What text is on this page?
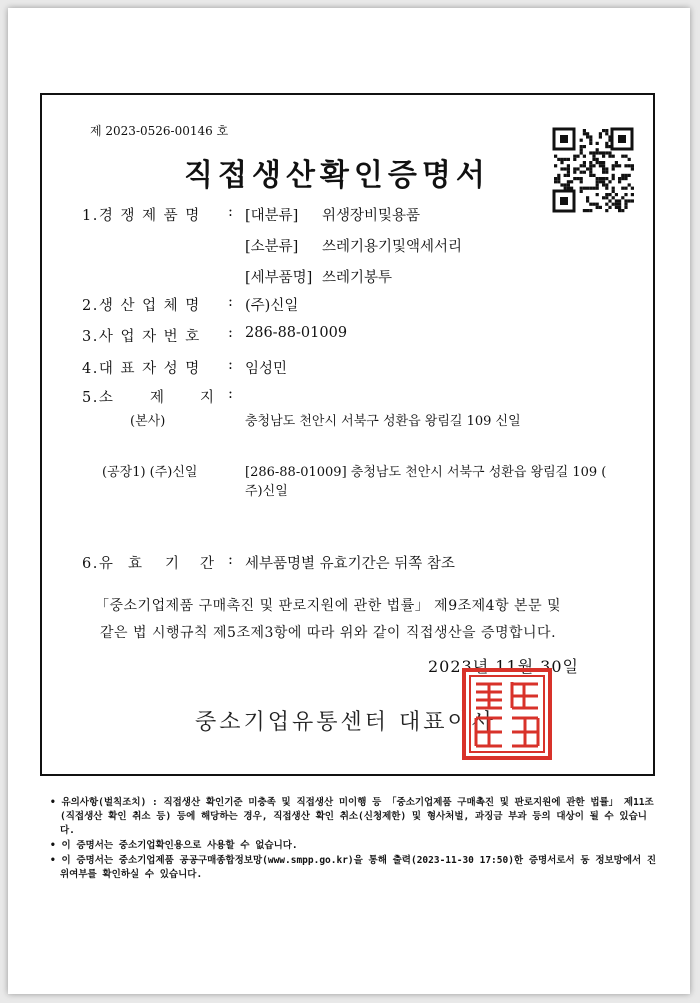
제 2023-0526-00146 호
직접생산확인증명서
1.경 쟁 제 품 명 : [대분류] 위생장비및용품
[소분류] 쓰레기용기및액세서리
[세부품명] 쓰레기봉투
2.생 산 업 체 명 : (주)신일
3.사 업 자 번 호 : 286-88-01009
4.대 표 자 성 명 : 임성민
5.소 제 지 :
(본사)	충청남도 천안시 서북구 성환읍 왕림길 109 신일
(공장1) (주)신일	[286-88-01009] 충청남도 천안시 서북구 성환읍 왕림길 109 (
주)신일
6.유 효 기 간 : 세부품명별 유효기간은 뒤쪽 참조
「중소기업제품 구매촉진 및 판로지원에 관한 법률」 제9조제4항 본문 및
같은 법 시행규칙 제5조제3항에 따라 위와 같이 직접생산을 증명합니다.
2023년 11월 30일
중소기업유통센터 대표이사

• 유의사항(벌칙조치) : 직접생산 확인기준 미충족 및 직접생산 미이행 등 「중소기업제품 구매촉진 및 판로지원에 관한 법률」 제11조(직접생산 확인 취소 등) 등에 해당하는 경우, 직접생산 확인 취소(신청제한) 및 형사처벌, 과징금 부과 등의 대상이 될 수 있습니다.

• 이 증명서는 중소기업확인용으로 사용할 수 없습니다.

• 이 증명서는 중소기업제품 공공구매종합정보망(www.smpp.go.kr)을 통해 출력(2023-11-30 17:50)한 증명서로서 동 정보망에서 진위여부를 확인하실 수 있습니다.
